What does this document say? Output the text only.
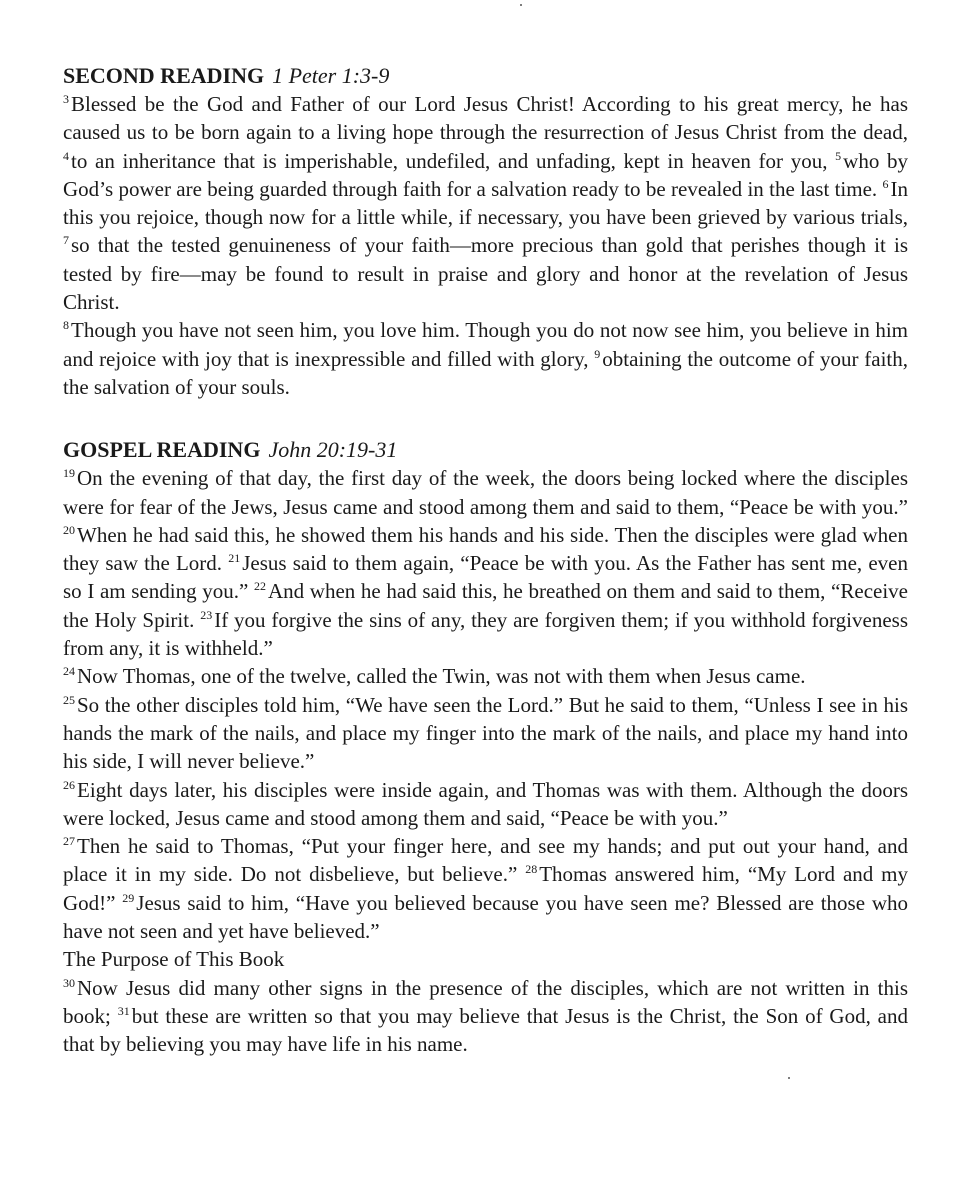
SECOND READING 1 Peter 1:3-9

$^3$Blessed be the God and Father of our Lord Jesus Christ! According to his great mercy, he has caused us to be born again to a living hope through the resurrection of Jesus Christ from the dead, $^4$to an inheritance that is imperishable, undefiled, and unfading, kept in heaven for you, $^5$who by God’s power are being guarded through faith for a salvation ready to be revealed in the last time. $^6$In this you rejoice, though now for a little while, if necessary, you have been grieved by various trials, $^7$so that the tested genuineness of your faith—more precious than gold that perishes though it is tested by fire—may be found to result in praise and glory and honor at the revelation of Jesus Christ.
$^8$Though you have not seen him, you love him. Though you do not now see him, you believe in him and rejoice with joy that is inexpressible and filled with glory, $^9$obtaining the outcome of your faith, the salvation of your souls.

GOSPEL READING John 20:19-31

$^{19}$On the evening of that day, the first day of the week, the doors being locked where the disciples were for fear of the Jews, Jesus came and stood among them and said to them, “Peace be with you.” $^{20}$When he had said this, he showed them his hands and his side. Then the disciples were glad when they saw the Lord. $^{21}$Jesus said to them again, “Peace be with you. As the Father has sent me, even so I am sending you.” $^{22}$And when he had said this, he breathed on them and said to them, “Receive the Holy Spirit. $^{23}$If you forgive the sins of any, they are forgiven them; if you withhold forgiveness from any, it is withheld.”

$^{24}$Now Thomas, one of the twelve, called the Twin, was not with them when Jesus came.
$^{25}$So the other disciples told him, “We have seen the Lord.” But he said to them, “Unless I see in his hands the mark of the nails, and place my finger into the mark of the nails, and place my hand into his side, I will never believe.”

$^{26}$Eight days later, his disciples were inside again, and Thomas was with them. Although the doors were locked, Jesus came and stood among them and said, “Peace be with you.”
$^{27}$Then he said to Thomas, “Put your finger here, and see my hands; and put out your hand, and place it in my side. Do not disbelieve, but believe.” $^{28}$Thomas answered him, “My Lord and my God!” $^{29}$Jesus said to him, “Have you believed because you have seen me? Blessed are those who have not seen and yet have believed.”

The Purpose of This Book

$^{30}$Now Jesus did many other signs in the presence of the disciples, which are not written in this book; $^{31}$but these are written so that you may believe that Jesus is the Christ, the Son of God, and that by believing you may have life in his name.
